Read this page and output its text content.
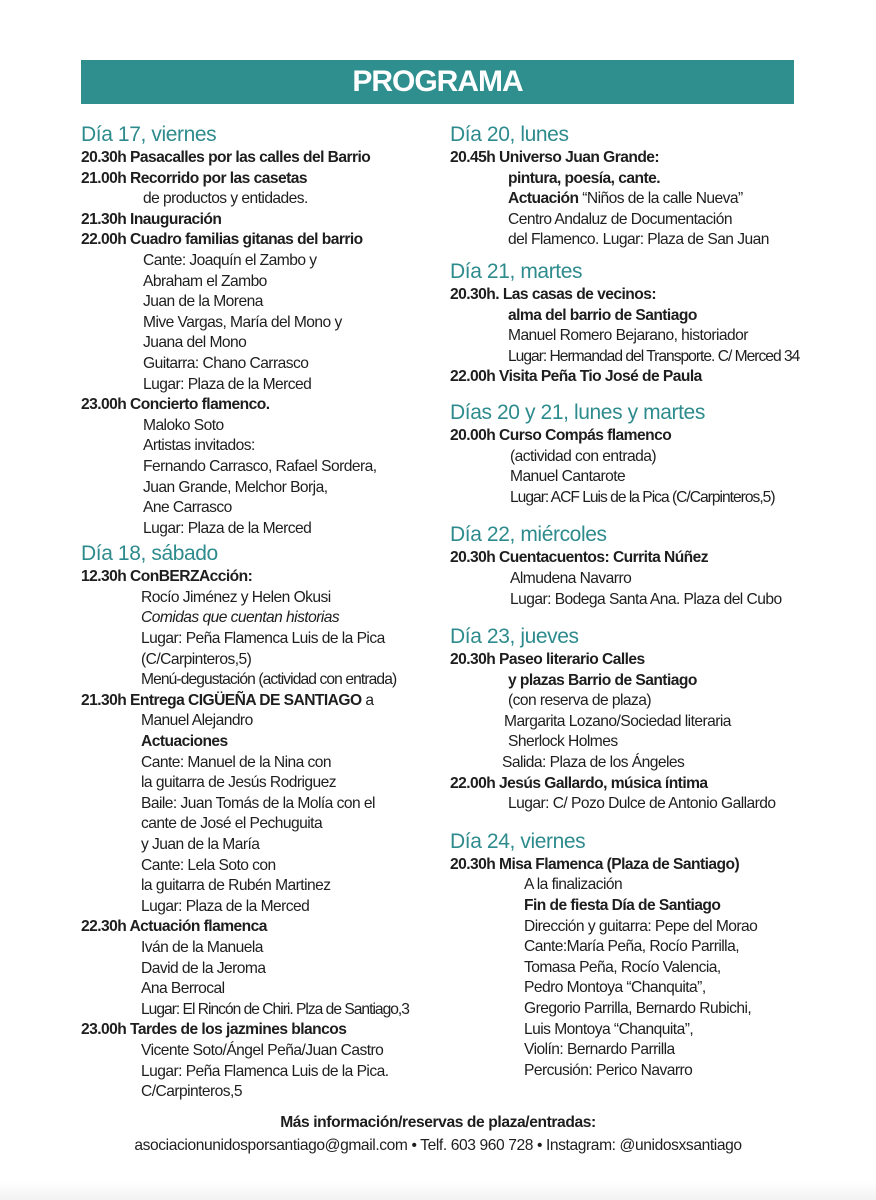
PROGRAMA
Día 17, viernes
20.30h Pasacalles por las calles del Barrio
21.00h Recorrido por las casetas
de productos y entidades.
21.30h Inauguración
22.00h Cuadro familias gitanas del barrio
Cante: Joaquín el Zambo y
Abraham el Zambo
Juan de la Morena
Mive Vargas, María del Mono y
Juana del Mono
Guitarra: Chano Carrasco
Lugar: Plaza de la Merced
23.00h Concierto flamenco.
Maloko Soto
Artistas invitados:
Fernando Carrasco, Rafael Sordera,
Juan Grande, Melchor Borja,
Ane Carrasco
Lugar: Plaza de la Merced
Día 18, sábado
12.30h ConBERZAcción:
Rocío Jiménez y Helen Okusi
Comidas que cuentan historias
Lugar: Peña Flamenca Luis de la Pica
(C/Carpinteros,5)
Menú-degustación (actividad con entrada)
21.30h Entrega CIGÜEÑA DE SANTIAGO a
Manuel Alejandro
Actuaciones
Cante: Manuel de la Nina con
la guitarra de Jesús Rodriguez
Baile: Juan Tomás de la Molía con el
cante de José el Pechuguita
y Juan de la María
Cante: Lela Soto con
la guitarra de Rubén Martinez
Lugar: Plaza de la Merced
22.30h Actuación flamenca
Iván de la Manuela
David de la Jeroma
Ana Berrocal
Lugar: El Rincón de Chiri. Plza de Santiago,3
23.00h Tardes de los jazmines blancos
Vicente Soto/Ángel Peña/Juan Castro
Lugar: Peña Flamenca Luis de la Pica.
C/Carpinteros,5
Día 20, lunes
20.45h Universo Juan Grande:
pintura, poesía, cante.
Actuación “Niños de la calle Nueva”
Centro Andaluz de Documentación
del Flamenco. Lugar: Plaza de San Juan
Día 21, martes
20.30h. Las casas de vecinos:
alma del barrio de Santiago
Manuel Romero Bejarano, historiador
Lugar: Hermandad del Transporte. C/ Merced 34
22.00h Visita Peña Tio José de Paula
Días 20 y 21, lunes y martes
20.00h Curso Compás flamenco
(actividad con entrada)
Manuel Cantarote
Lugar: ACF Luis de la Pica (C/Carpinteros,5)
Día 22, miércoles
20.30h Cuentacuentos: Currita Núñez
Almudena Navarro
Lugar: Bodega Santa Ana. Plaza del Cubo
Día 23, jueves
20.30h Paseo literario Calles
y plazas Barrio de Santiago
(con reserva de plaza)
Margarita Lozano/Sociedad literaria
Sherlock Holmes
Salida: Plaza de los Ángeles
22.00h Jesús Gallardo, música íntima
Lugar: C/ Pozo Dulce de Antonio Gallardo
Día 24, viernes
20.30h Misa Flamenca (Plaza de Santiago)
A la finalización
Fin de fiesta Día de Santiago
Dirección y guitarra: Pepe del Morao
Cante:María Peña, Rocío Parrilla,
Tomasa Peña, Rocío Valencia,
Pedro Montoya “Chanquita”,
Gregorio Parrilla, Bernardo Rubichi,
Luis Montoya “Chanquita”,
Violín: Bernardo Parrilla
Percusión: Perico Navarro
Más información/reservas de plaza/entradas:
asociacionunidosporsantiago@gmail.com • Telf. 603 960 728 • Instagram: @unidosxsantiago
